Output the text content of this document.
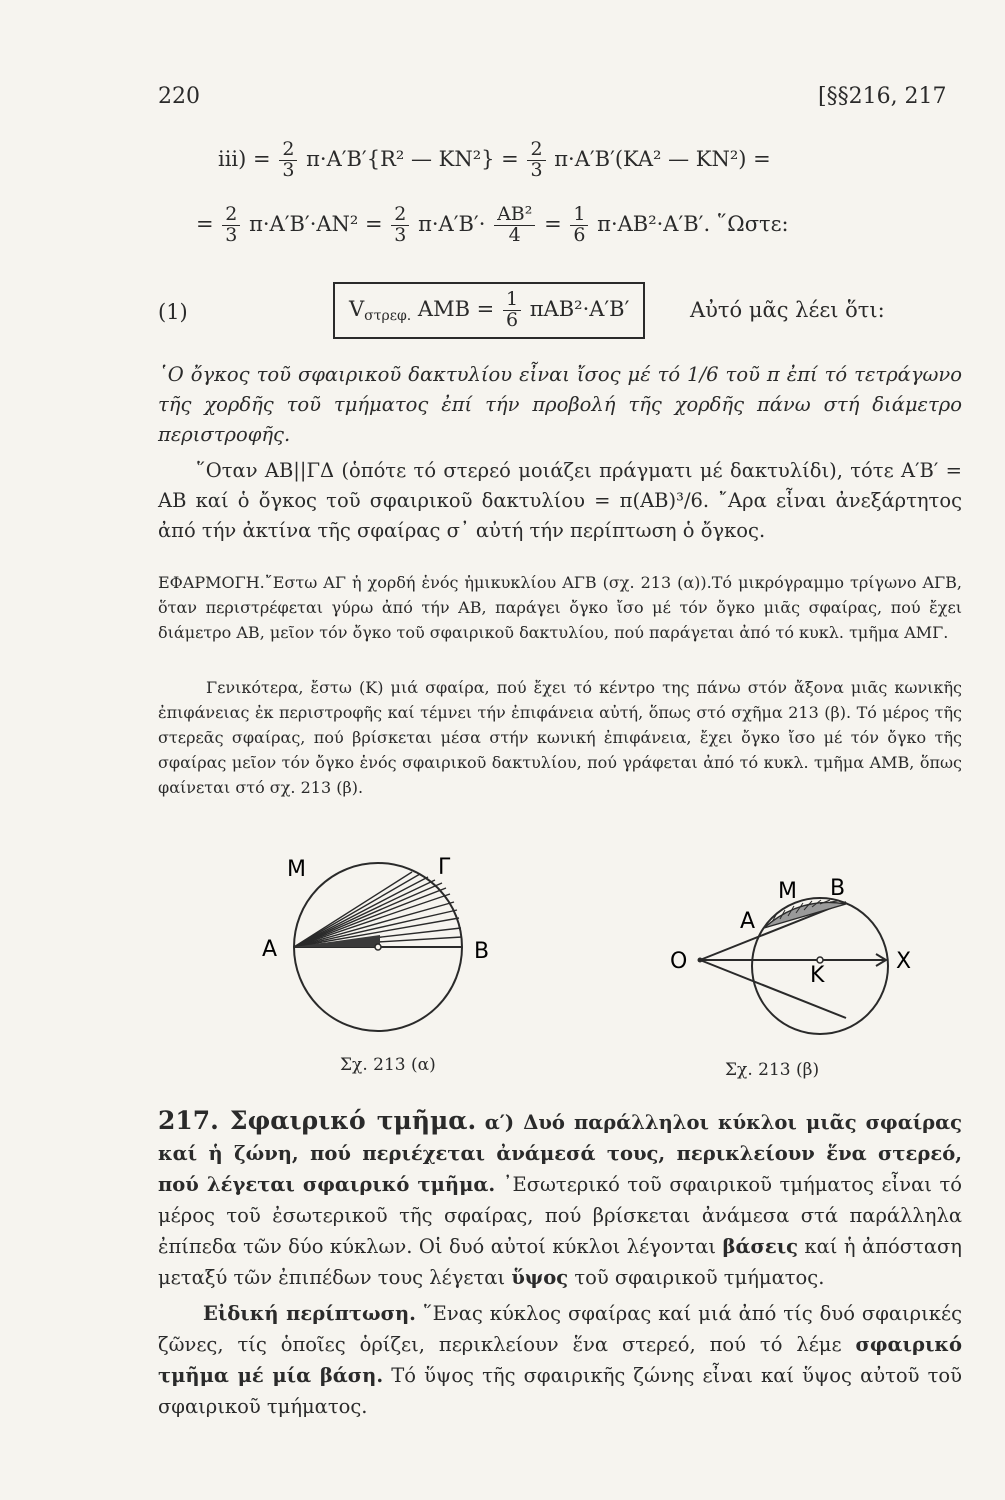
220	[§§216, 217
$iii) = \frac{2}{3} \pi\cdot A'B'\{R^2$ — $KN^2\} = \frac{2}{3} \pi\cdot A'B'(KA^2$ — KN²) =
= $\frac{2}{3} \pi\cdot A'B'\cdot AN^2 = \frac{2}{3} \pi\cdot A'B'\cdot \frac{\text{AB²}}{4} = \frac{1}{6} \pi\cdot AB^2\cdot A'B'$. ῞Ωστε:
(1)	$V_{\sigma\tau\rho\varepsilon\varphi.}$ AMB = $\frac{1}{6} \pi AB^2\cdot A'B'$	Αὐτό μᾶς λέει ὅτι:
῾Ο ὄγκος τοῦ σφαιρικοῦ δακτυλίου εἶναι ἴσος μέ τό 1/6 τοῦ π ἐπί τό τετράγωνο τῆς χορδῆς τοῦ τμήματος ἐπί τήν προβολή τῆς χορδῆς πάνω στή διάμετρο περιστροφῆς.
῞Οταν AB||ΓΔ (ὁπότε τό στερεό μοιάζει πράγματι μέ δακτυλίδι), τότε A′B′ = AB καί ὁ ὄγκος τοῦ σφαιρικοῦ δακτυλίου = π(AB)³/6. ῎Αρα εἶναι ἀνεξάρτητος ἀπό τήν ἀκτίνα τῆς σφαίρας σ᾽ αὐτή τήν περίπτωση ὁ ὄγκος.
ΕΦΑΡΜΟΓΗ.῎Εστω ΑΓ ἡ χορδή ἑνός ἡμικυκλίου ΑΓΒ (σχ. 213 (α)).Τό μικρόγραμμο τρίγωνο ΑΓΒ, ὅταν περιστρέφεται γύρω ἀπό τήν ΑΒ, παράγει ὄγκο ἴσο μέ τόν ὄγκο μιᾶς σφαίρας, πού ἔχει διάμετρο ΑΒ, μεῖον τόν ὄγκο τοῦ σφαιρικοῦ δακτυλίου, πού παράγεται ἀπό τό κυκλ. τμῆμα ΑΜΓ.
Γενικότερα, ἔστω (Κ) μιά σφαίρα, πού ἔχει τό κέντρο της πάνω στόν ἄξονα μιᾶς κωνικῆς ἐπιφάνειας ἐκ περιστροφῆς καί τέμνει τήν ἐπιφάνεια αὐτή, ὅπως στό σχῆμα 213 (β). Τό μέρος τῆς στερεᾶς σφαίρας, πού βρίσκεται μέσα στήν κωνική ἐπιφάνεια, ἔχει ὄγκο ἴσο μέ τόν ὄγκο τῆς σφαίρας μεῖον τόν ὄγκο ἑνός σφαιρικοῦ δακτυλίου, πού γράφεται ἀπό τό κυκλ. τμῆμα ΑΜΒ, ὅπως φαίνεται στό σχ. 213 (β).
M	Γ
A	B
Σχ. 213 (α)
M B
A
O
K
X
Σχ. 213 (β)
217. Σφαιρικό τμῆμα. α′) Δυό παράλληλοι κύκλοι μιᾶς σφαίρας καί ἡ ζώνη, πού περιέχεται ἀνάμεσά τους, περικλείουν ἕνα στερεό, πού λέγεται σφαιρικό τμῆμα. ᾿Εσωτερικό τοῦ σφαιρικοῦ τμήματος εἶναι τό μέρος τοῦ ἐσωτερικοῦ τῆς σφαίρας, πού βρίσκεται ἀνάμεσα στά παράλληλα ἐπίπεδα τῶν δύο κύκλων. Οἱ δυό αὐτοί κύκλοι λέγονται βάσεις καί ἡ ἀπόσταση μεταξύ τῶν ἐπιπέδων τους λέγεται ὕψος τοῦ σφαιρικοῦ τμήματος.
Εἰδική περίπτωση. ῞Ενας κύκλος σφαίρας καί μιά ἀπό τίς δυό σφαιρικές ζῶνες, τίς ὁποῖες ὁρίζει, περικλείουν ἕνα στερεό, πού τό λέμε σφαιρικό τμῆμα μέ μία βάση. Τό ὕψος τῆς σφαιρικῆς ζώνης εἶναι καί ὕψος αὐτοῦ τοῦ σφαιρικοῦ τμήματος.
